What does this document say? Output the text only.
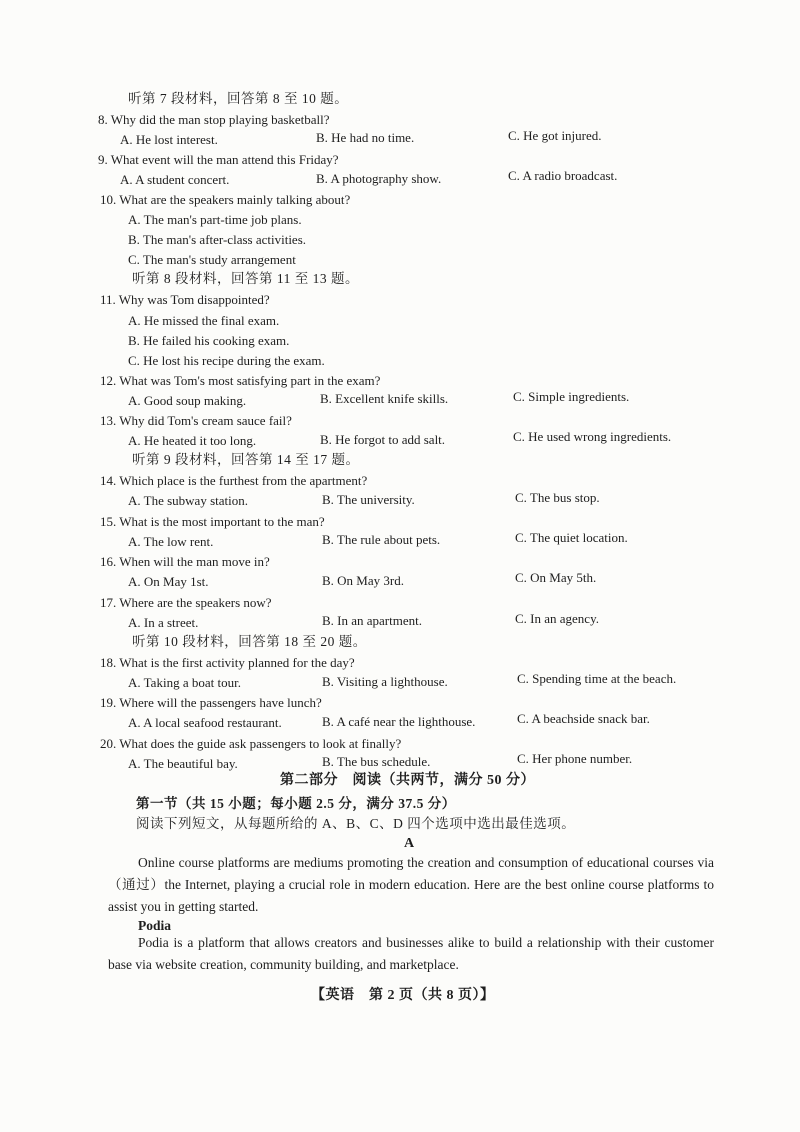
听第 7 段材料，回答第 8 至 10 题。
8. Why did the man stop playing basketball?
A. He lost interest.	B. He had no time.	C. He got injured.
9. What event will the man attend this Friday?
A. A student concert.	B. A photography show.	C. A radio broadcast.
10. What are the speakers mainly talking about?
A. The man's part-time job plans.
B. The man's after-class activities.
C. The man's study arrangement
听第 8 段材料，回答第 11 至 13 题。
11. Why was Tom disappointed?
A. He missed the final exam.
B. He failed his cooking exam.
C. He lost his recipe during the exam.
12. What was Tom's most satisfying part in the exam?
A. Good soup making.	B. Excellent knife skills.	C. Simple ingredients.
13. Why did Tom's cream sauce fail?
A. He heated it too long.	B. He forgot to add salt.	C. He used wrong ingredients.
听第 9 段材料，回答第 14 至 17 题。
14. Which place is the furthest from the apartment?
A. The subway station.	B. The university.	C. The bus stop.
15. What is the most important to the man?
A. The low rent.	B. The rule about pets.	C. The quiet location.
16. When will the man move in?
A. On May 1st.	B. On May 3rd.	C. On May 5th.
17. Where are the speakers now?
A. In a street.	B. In an apartment.	C. In an agency.
听第 10 段材料，回答第 18 至 20 题。
18. What is the first activity planned for the day?
A. Taking a boat tour.	B. Visiting a lighthouse.	C. Spending time at the beach.
19. Where will the passengers have lunch?
A. A local seafood restaurant.	B. A café near the lighthouse.	C. A beachside snack bar.
20. What does the guide ask passengers to look at finally?
A. The beautiful bay.	B. The bus schedule.	C. Her phone number.
第二部分　阅读（共两节，满分 50 分）
第一节（共 15 小题；每小题 2.5 分，满分 37.5 分）
阅读下列短文，从每题所给的 A、B、C、D 四个选项中选出最佳选项。
A
Online course platforms are mediums promoting the creation and consumption of educational courses via（通过）the Internet, playing a crucial role in modern education. Here are the best online course platforms to assist you in getting started.
Podia
Podia is a platform that allows creators and businesses alike to build a relationship with their customer base via website creation, community building, and marketplace.
【英语　第 2 页（共 8 页）】
